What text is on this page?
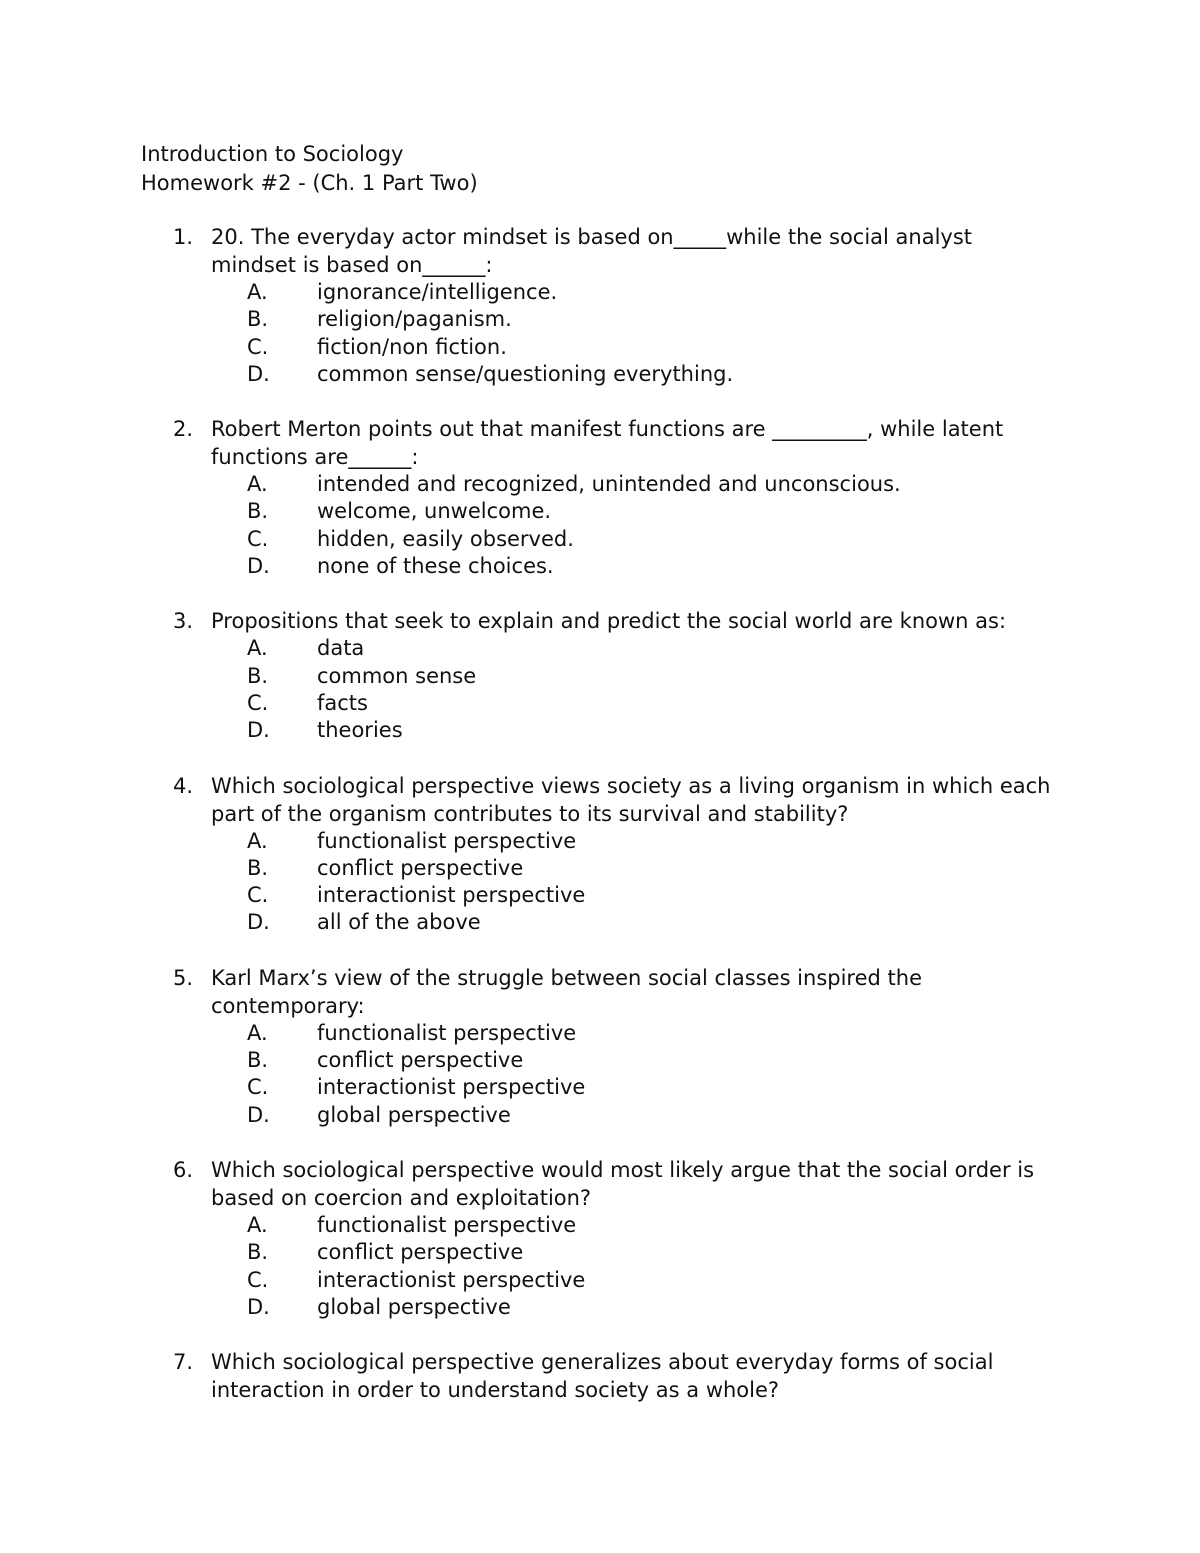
Introduction to Sociology
Homework #2 - (Ch. 1 Part Two)
1. 20. The everyday actor mindset is based on_____while the social analyst mindset is based on______:
A.	ignorance/intelligence.
B.	religion/paganism.
C.	fiction/non fiction.
D.	common sense/questioning everything.
2. Robert Merton points out that manifest functions are _________, while latent functions are______:
A.	intended and recognized, unintended and unconscious.
B.	welcome, unwelcome.
C.	hidden, easily observed.
D.	none of these choices.
3. Propositions that seek to explain and predict the social world are known as:
A.	data
B.	common sense
C.	facts
D.	theories
4. Which sociological perspective views society as a living organism in which each part of the organism contributes to its survival and stability?
A.	functionalist perspective
B.	conflict perspective
C.	interactionist perspective
D.	all of the above
5. Karl Marx’s view of the struggle between social classes inspired the contemporary:
A.	functionalist perspective
B.	conflict perspective
C.	interactionist perspective
D.	global perspective
6. Which sociological perspective would most likely argue that the social order is based on coercion and exploitation?
A.	functionalist perspective
B.	conflict perspective
C.	interactionist perspective
D.	global perspective
7. Which sociological perspective generalizes about everyday forms of social interaction in order to understand society as a whole?
